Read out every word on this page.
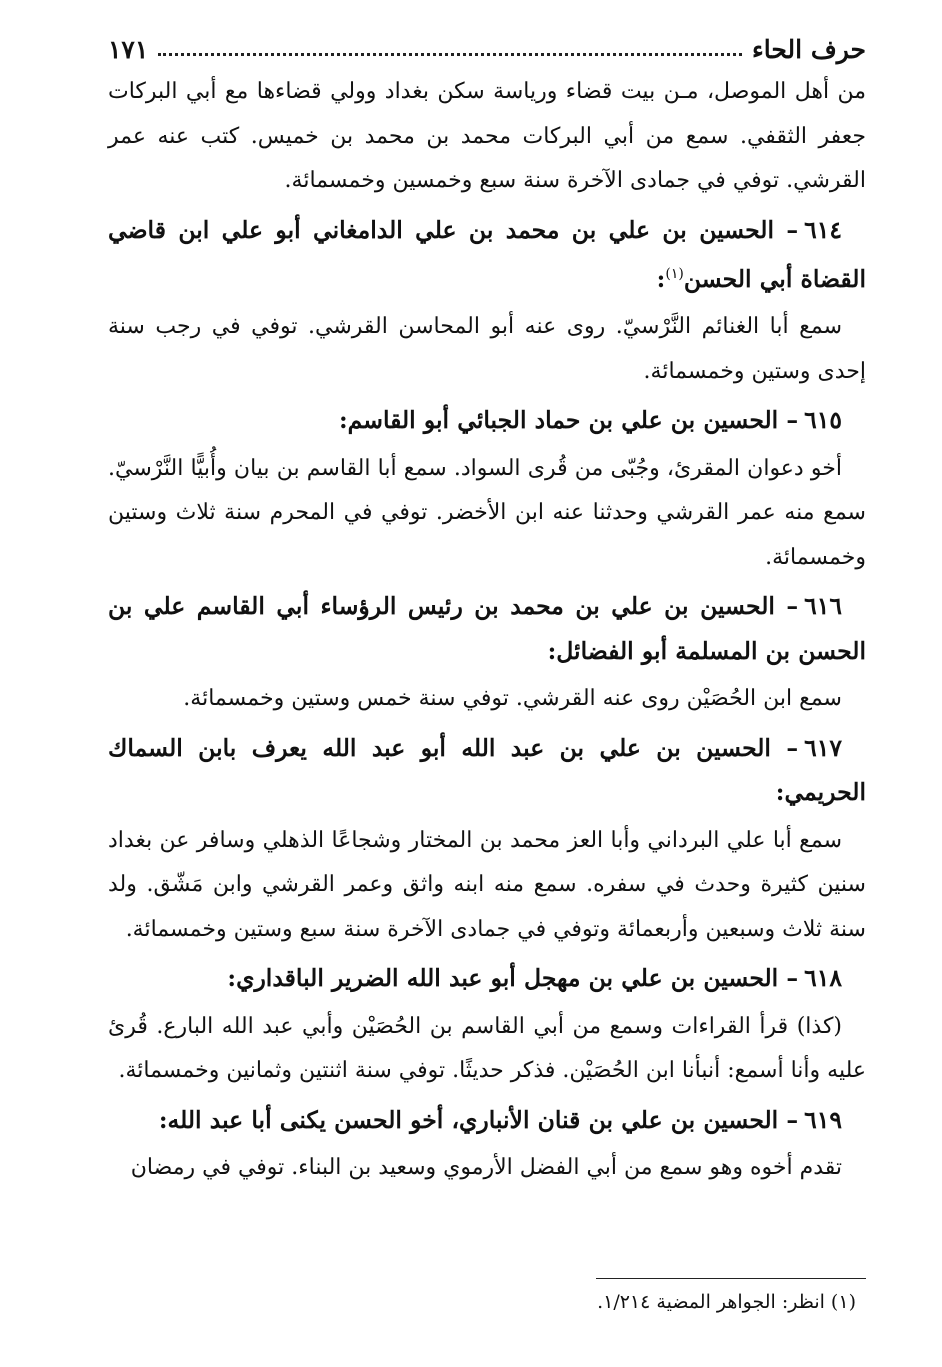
حرف الحاء
١٧١

من أهل الموصل، مـن بيت قضاء ورياسة سكن بغداد وولي قضاءها مع أبي البركات جعفر الثقفي. سمع من أبي البركات محمد بن محمد بن خميس. كتب عنه عمر القرشي. توفي في جمادى الآخرة سنة سبع وخمسين وخمسمائة.

٦١٤– الحسين بن علي بن محمد بن علي الدامغاني أبو علي ابن قاضي القضاة أبي الحسن$^{(١)}$:

سمع أبا الغنائم النَّرْسيّ. روى عنه أبو المحاسن القرشي. توفي في رجب سنة إحدى وستين وخمسمائة.

٦١٥– الحسين بن علي بن حماد الجبائي أبو القاسم:

أخو دعوان المقرئ، وجُبّى من قُرى السواد. سمع أبا القاسم بن بيان وأُبيًّا النَّرْسيّ. سمع منه عمر القرشي وحدثنا عنه ابن الأخضر. توفي في المحرم سنة ثلاث وستين وخمسمائة.

٦١٦– الحسين بن علي بن محمد بن رئيس الرؤساء أبي القاسم علي بن الحسن بن المسلمة أبو الفضائل:

سمع ابن الحُصَيْن روى عنه القرشي. توفي سنة خمس وستين وخمسمائة.

٦١٧– الحسين بن علي بن عبد الله أبو عبد الله يعرف بابن السماك الحريمي:

سمع أبا علي البرداني وأبا العز محمد بن المختار وشجاعًا الذهلي وسافر عن بغداد سنين كثيرة وحدث في سفره. سمع منه ابنه واثق وعمر القرشي وابن مَشّق. ولد سنة ثلاث وسبعين وأربعمائة وتوفي في جمادى الآخرة سنة سبع وستين وخمسمائة.

٦١٨– الحسين بن علي بن مهجل أبو عبد الله الضرير الباقداري:

(كذا) قرأ القراءات وسمع من أبي القاسم بن الحُصَيْن وأبي عبد الله البارع. قُرئ عليه وأنا أسمع: أنبأنا ابن الحُصَيْن. فذكر حديثًا. توفي سنة اثنتين وثمانين وخمسمائة.

٦١٩– الحسين بن علي بن قنان الأنباري، أخو الحسن يكنى أبا عبد الله:

تقدم أخوه وهو سمع من أبي الفضل الأرموي وسعيد بن البناء. توفي في رمضان

(١) انظر: الجواهر المضية ١/٢١٤.
